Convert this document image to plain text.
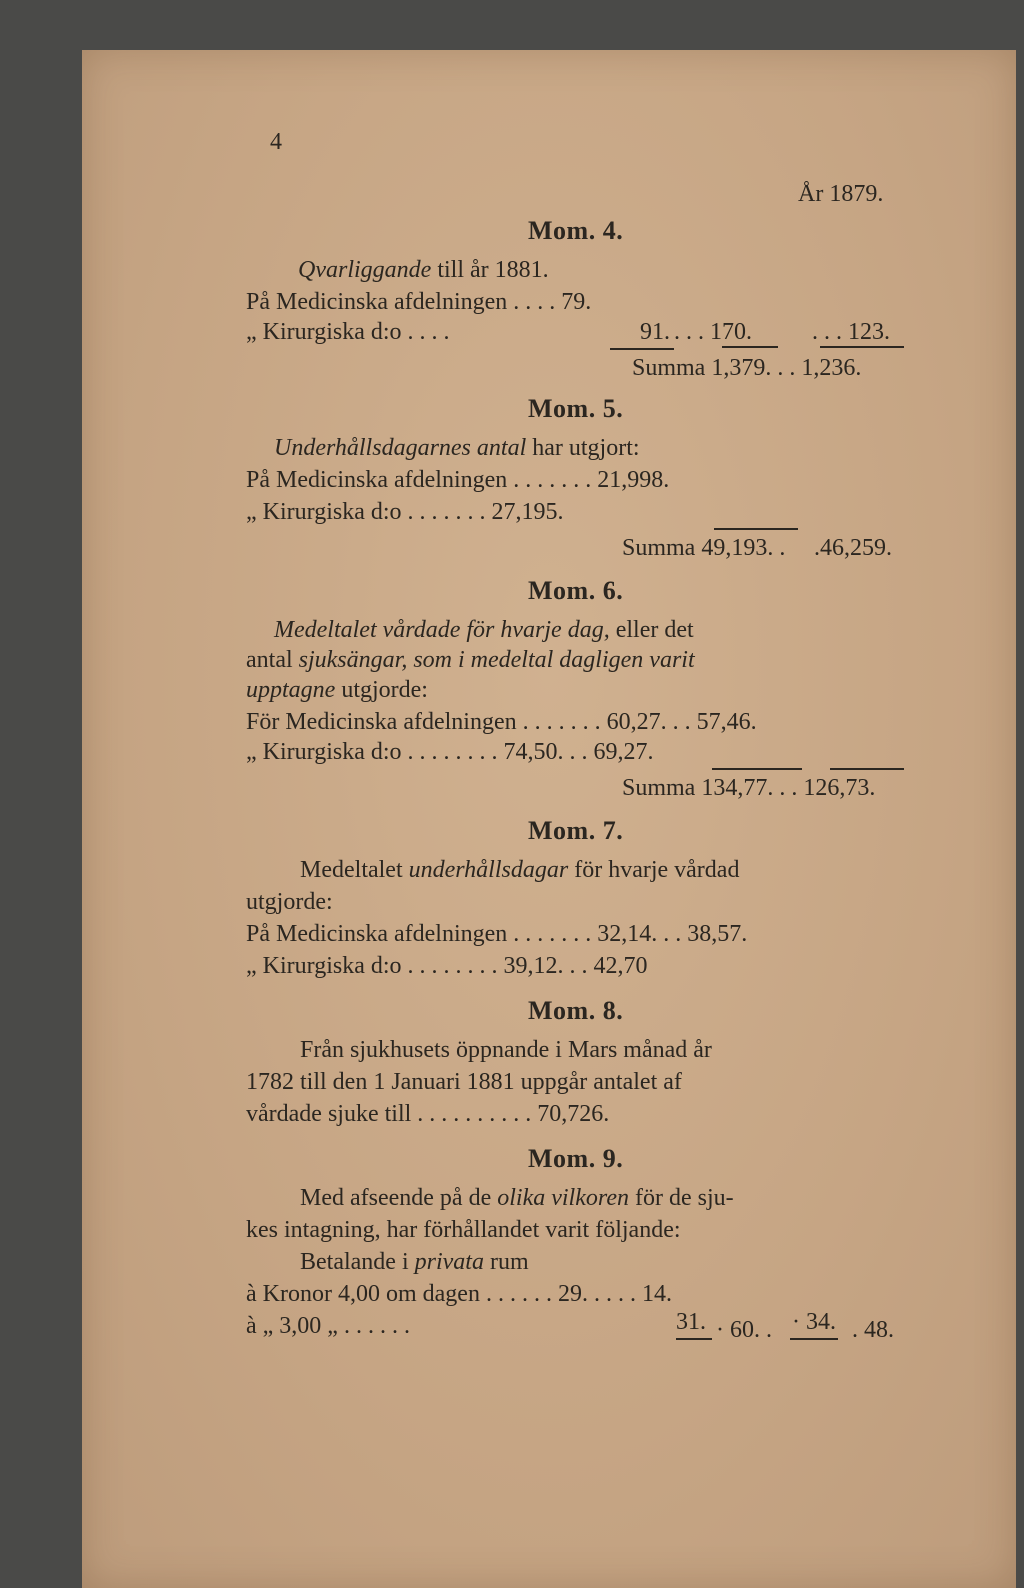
4
År 1879.
Mom. 4.
Qvarliggande till år 1881.
På Medicinska afdelningen . . . . 79.
„ Kirurgiska d:o . . . .	91. . . . 170.	. . . 123.
Summa 1,379. . . 1,236.
Mom. 5.
Underhållsdagarnes antal har utgjort:
På Medicinska afdelningen . . . . . . . 21,998.
„ Kirurgiska d:o . . . . . . . 27,195.
Summa 49,193. . .46,259.
Mom. 6.
Medeltalet vårdade för hvarje dag, eller det
antal sjuksängar, som i medeltal dagligen varit
upptagne utgjorde:
För Medicinska afdelningen . . . . . . . 60,27. . . 57,46.
„ Kirurgiska d:o . . . . . . . . 74,50. . . 69,27.
Summa 134,77. . . 126,73.
Mom. 7.
Medeltalet underhållsdagar för hvarje vårdad
utgjorde:
På Medicinska afdelningen . . . . . . . 32,14. . . 38,57.
„ Kirurgiska d:o . . . . . . . . 39,12. . . 42,70
Mom. 8.
Från sjukhusets öppnande i Mars månad år
1782 till den 1 Januari 1881 uppgår antalet af
vårdade sjuke till . . . . . . . . . . 70,726.
Mom. 9.
Med afseende på de olika vilkoren för de sju-
kes intagning, har förhållandet varit följande:
Betalande i privata rum
à Kronor 4,00 om dagen . . . . . . 29. . . . . 14.
à „ 3,00 „ . . . . . .	31. · 60. . · 34. . 48.
